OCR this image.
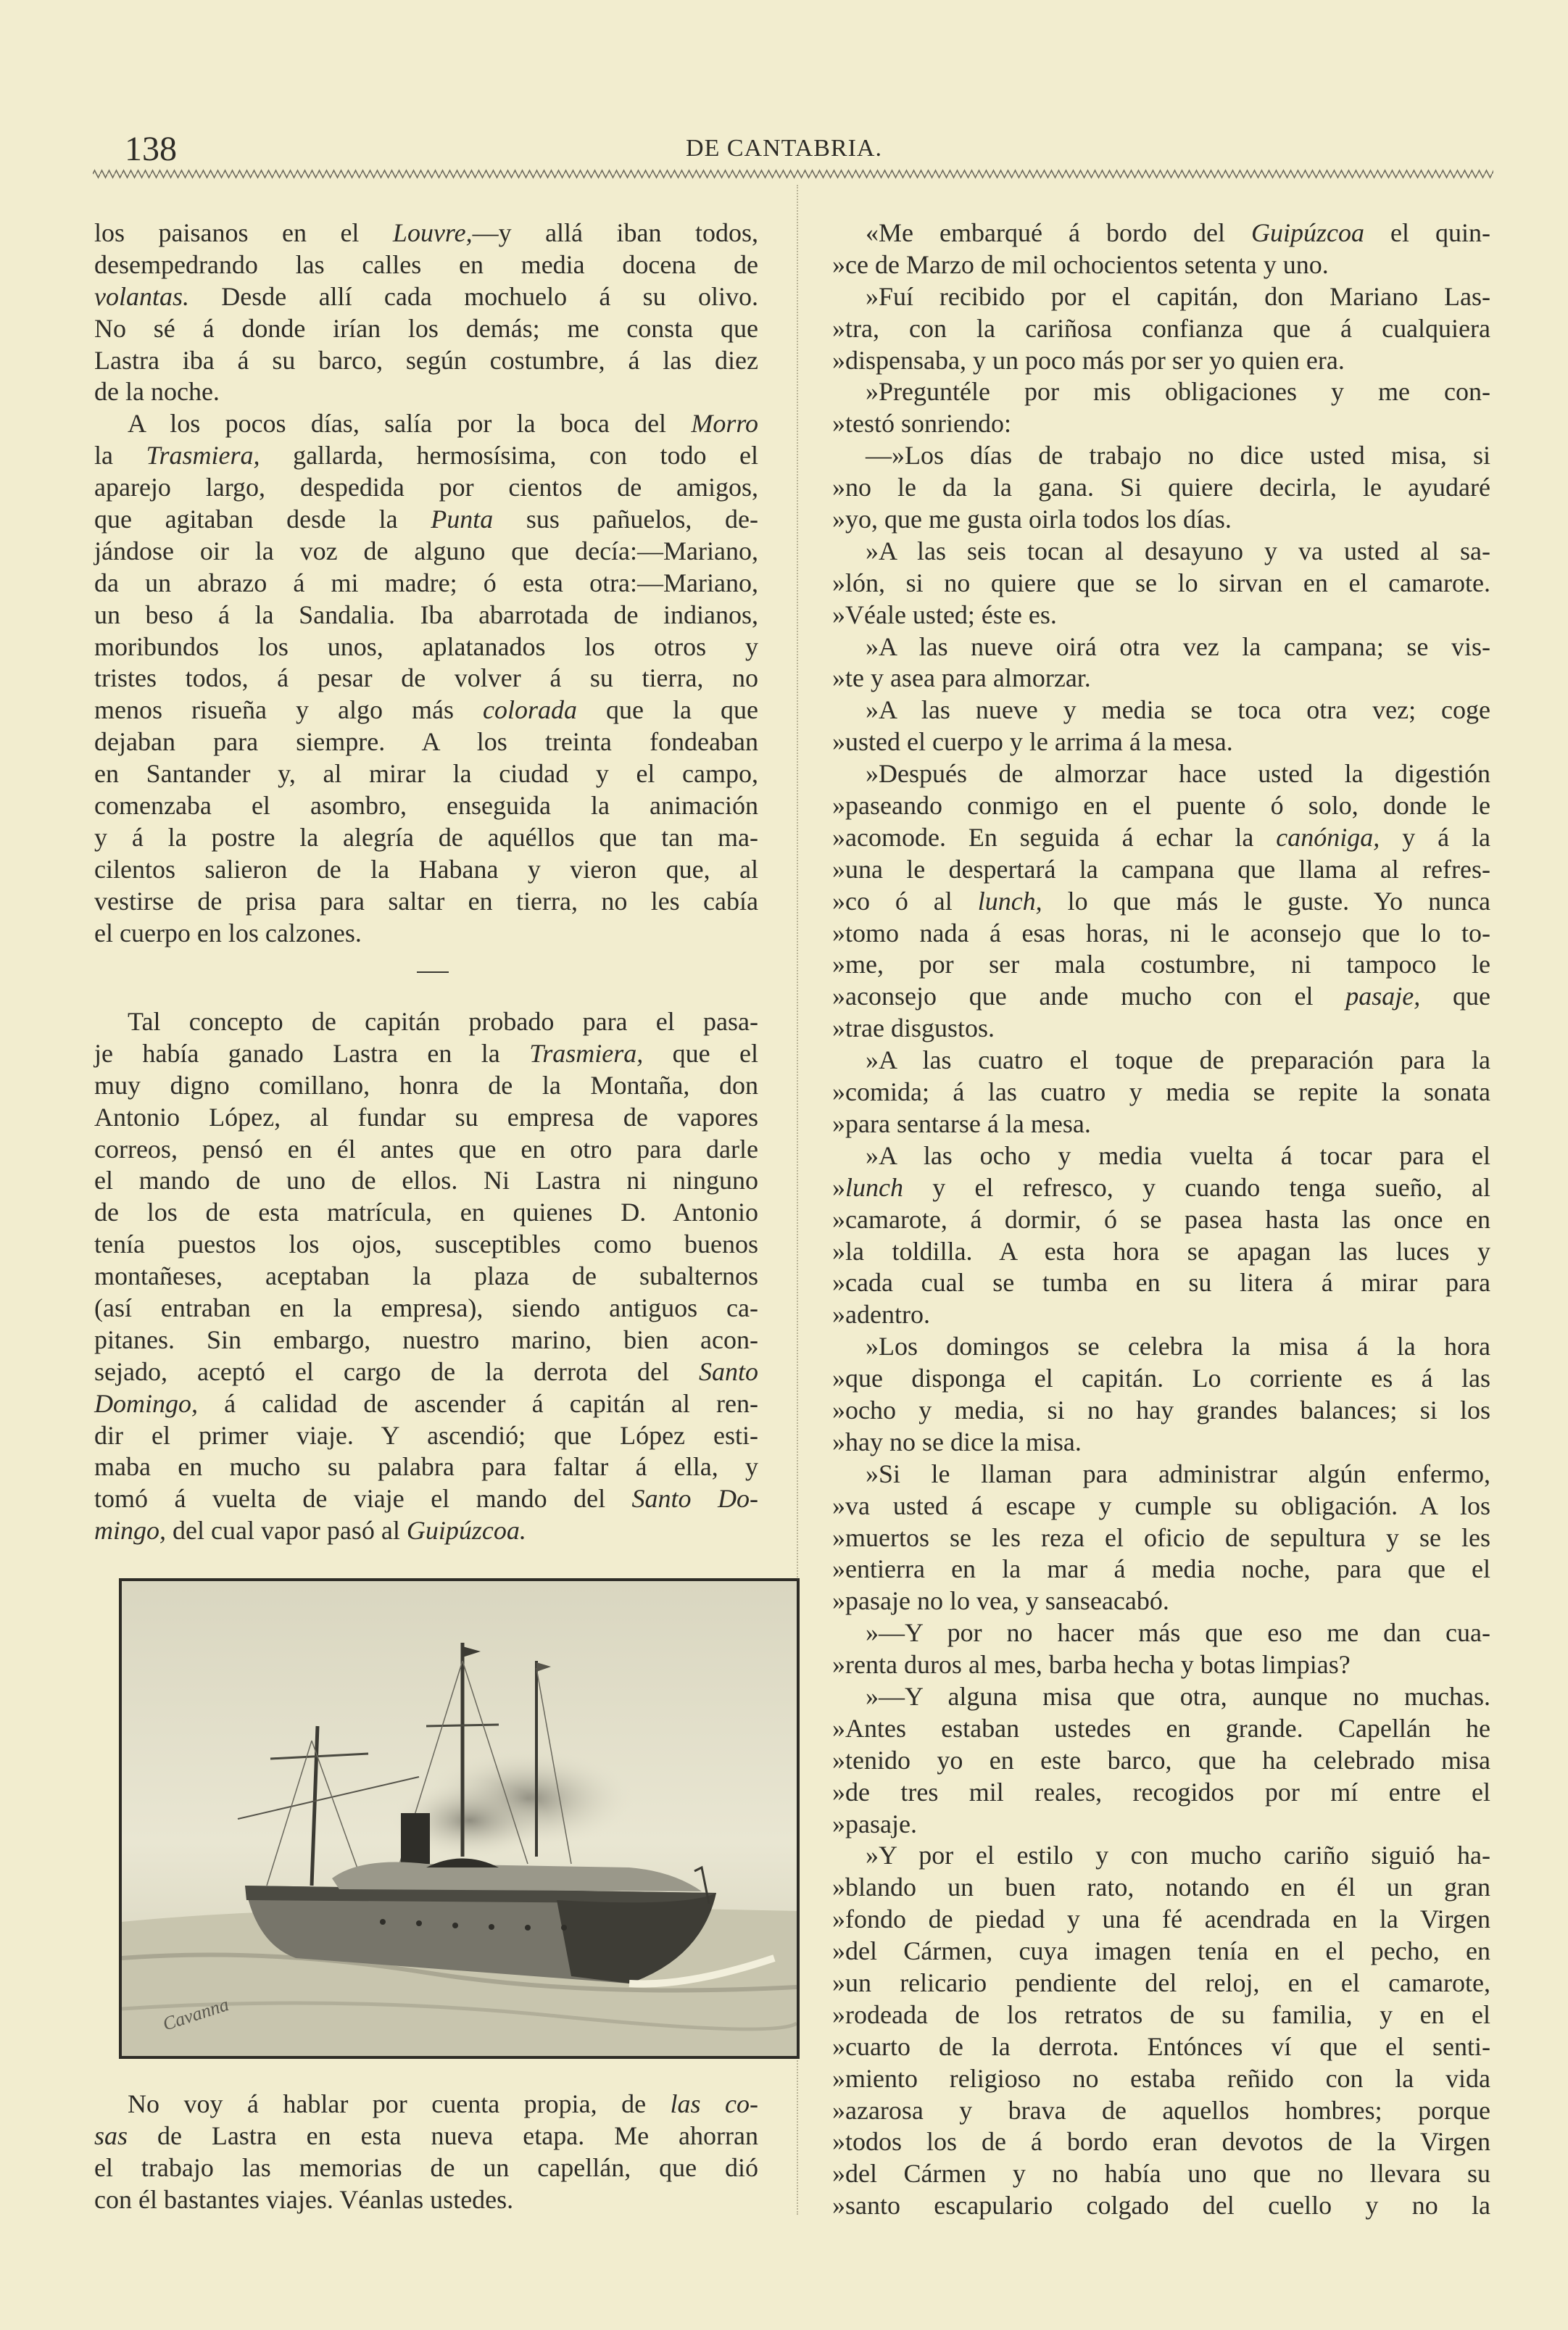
138	DE CANTABRIA.
los paisanos en el Louvre,—y allá iban todos,
desempedrando las calles en media docena de
volantas. Desde allí cada mochuelo á su olivo.
No sé á donde irían los demás; me consta que
Lastra iba á su barco, según costumbre, á las diez
de la noche.
A los pocos días, salía por la boca del Morro
la Trasmiera, gallarda, hermosísima, con todo el
aparejo largo, despedida por cientos de amigos,
que agitaban desde la Punta sus pañuelos, de-
jándose oir la voz de alguno que decía:—Mariano,
da un abrazo á mi madre; ó esta otra:—Mariano,
un beso á la Sandalia. Iba abarrotada de indianos,
moribundos los unos, aplatanados los otros y
tristes todos, á pesar de volver á su tierra, no
menos risueña y algo más colorada que la que
dejaban para siempre. A los treinta fondeaban
en Santander y, al mirar la ciudad y el campo,
comenzaba el asombro, enseguida la animación
y á la postre la alegría de aquéllos que tan ma-
cilentos salieron de la Habana y vieron que, al
vestirse de prisa para saltar en tierra, no les cabía
el cuerpo en los calzones.
Tal concepto de capitán probado para el pasa-
je había ganado Lastra en la Trasmiera, que el
muy digno comillano, honra de la Montaña, don
Antonio López, al fundar su empresa de vapores
correos, pensó en él antes que en otro para darle
el mando de uno de ellos. Ni Lastra ni ninguno
de los de esta matrícula, en quienes D. Antonio
tenía puestos los ojos, susceptibles como buenos
montañeses, aceptaban la plaza de subalternos
(así entraban en la empresa), siendo antiguos ca-
pitanes. Sin embargo, nuestro marino, bien acon-
sejado, aceptó el cargo de la derrota del Santo
Domingo, á calidad de ascender á capitán al ren-
dir el primer viaje. Y ascendió; que López esti-
maba en mucho su palabra para faltar á ella, y
tomó á vuelta de viaje el mando del Santo Do-
mingo, del cual vapor pasó al Guipúzcoa.
Cavanna
No voy á hablar por cuenta propia, de las co-
sas de Lastra en esta nueva etapa. Me ahorran
el trabajo las memorias de un capellán, que dió
con él bastantes viajes. Véanlas ustedes.
«Me embarqué á bordo del Guipúzcoa el quin-
»ce de Marzo de mil ochocientos setenta y uno.
»Fuí recibido por el capitán, don Mariano Las-
»tra, con la cariñosa confianza que á cualquiera
»dispensaba, y un poco más por ser yo quien era.
»Preguntéle por mis obligaciones y me con-
»testó sonriendo:
—»Los días de trabajo no dice usted misa, si
»no le da la gana. Si quiere decirla, le ayudaré
»yo, que me gusta oirla todos los días.
»A las seis tocan al desayuno y va usted al sa-
»lón, si no quiere que se lo sirvan en el camarote.
»Véale usted; éste es.
»A las nueve oirá otra vez la campana; se vis-
»te y asea para almorzar.
»A las nueve y media se toca otra vez; coge
»usted el cuerpo y le arrima á la mesa.
»Después de almorzar hace usted la digestión
»paseando conmigo en el puente ó solo, donde le
»acomode. En seguida á echar la canóniga, y á la
»una le despertará la campana que llama al refres-
»co ó al lunch, lo que más le guste. Yo nunca
»tomo nada á esas horas, ni le aconsejo que lo to-
»me, por ser mala costumbre, ni tampoco le
»aconsejo que ande mucho con el pasaje, que
»trae disgustos.
»A las cuatro el toque de preparación para la
»comida; á las cuatro y media se repite la sonata
»para sentarse á la mesa.
»A las ocho y media vuelta á tocar para el
»lunch y el refresco, y cuando tenga sueño, al
»camarote, á dormir, ó se pasea hasta las once en
»la toldilla. A esta hora se apagan las luces y
»cada cual se tumba en su litera á mirar para
»adentro.
»Los domingos se celebra la misa á la hora
»que disponga el capitán. Lo corriente es á las
»ocho y media, si no hay grandes balances; si los
»hay no se dice la misa.
»Si le llaman para administrar algún enfermo,
»va usted á escape y cumple su obligación. A los
»muertos se les reza el oficio de sepultura y se les
»entierra en la mar á media noche, para que el
»pasaje no lo vea, y sanseacabó.
»—Y por no hacer más que eso me dan cua-
»renta duros al mes, barba hecha y botas limpias?
»—Y alguna misa que otra, aunque no muchas.
»Antes estaban ustedes en grande. Capellán he
»tenido yo en este barco, que ha celebrado misa
»de tres mil reales, recogidos por mí entre el
»pasaje.
»Y por el estilo y con mucho cariño siguió ha-
»blando un buen rato, notando en él un gran
»fondo de piedad y una fé acendrada en la Virgen
»del Cármen, cuya imagen tenía en el pecho, en
»un relicario pendiente del reloj, en el camarote,
»rodeada de los retratos de su familia, y en el
»cuarto de la derrota. Entónces ví que el senti-
»miento religioso no estaba reñido con la vida
»azarosa y brava de aquellos hombres; porque
»todos los de á bordo eran devotos de la Virgen
»del Cármen y no había uno que no llevara su
»santo escapulario colgado del cuello y no la
